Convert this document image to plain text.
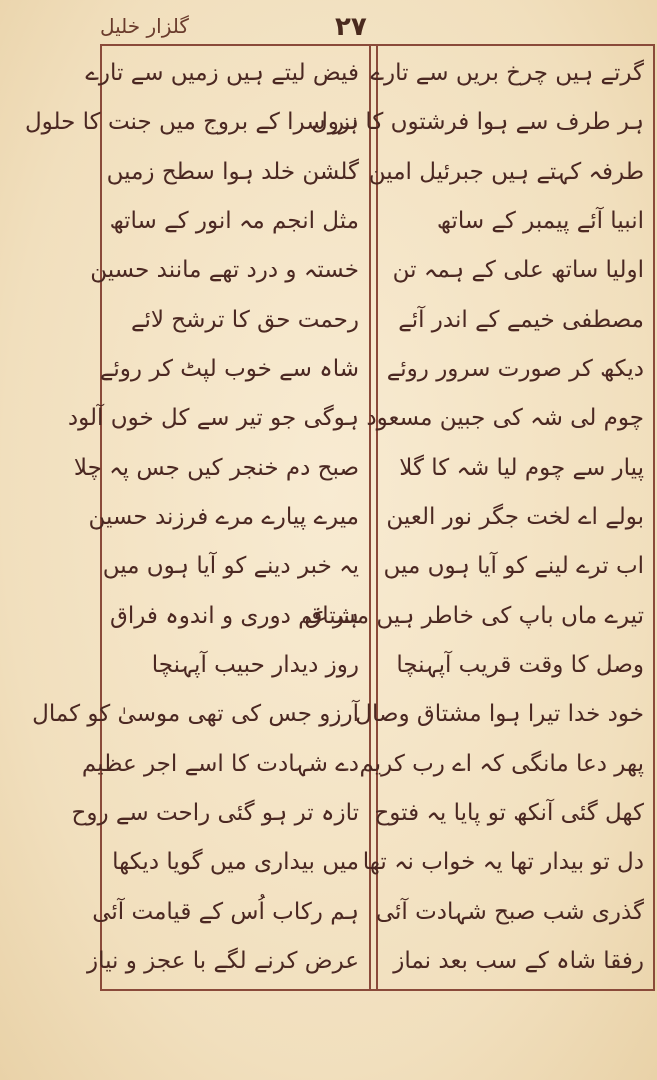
گلزار خلیل	۲۷
گرتے ہیں چرخ بریں سے تارے
ہر طرف سے ہوا فرشتوں کا نزول
طرفہ کہتے ہیں جبرئیل امین
انبیا آئے پیمبر کے ساتھ
اولیا ساتھ علی کے ہمہ تن
مصطفی خیمے کے اندر آئے
دیکھ کر صورت سرور روئے
چوم لی شہ کی جبین مسعود
پیار سے چوم لیا شہ کا گلا
بولے اے لخت جگر نور العین
اب ترے لینے کو آیا ہوں میں
تیرے ماں باپ کی خاطر ہیں مشتاق
وصل کا وقت قریب آپہنچا
خود خدا تیرا ہوا مشتاق وصال
پھر دعا مانگی کہ اے رب کریم
کھل گئی آنکھ تو پایا یہ فتوح
دل تو بیدار تھا یہ خواب نہ تھا
گذری شب صبح شہادت آئی
رفقا شاہ کے سب بعد نماز
فیض لیتے ہیں زمیں سے تارے
ہر سرا کے بروج میں جنت کا حلول
گلشن خلد ہوا سطح زمیں
مثل انجم مہ انور کے ساتھ
خستہ و درد تھے مانند حسین
رحمت حق کا ترشح لائے
شاہ سے خوب لپٹ کر روئے
ہوگی جو تیر سے کل خوں آلود
صبح دم خنجر کیں جس پہ چلا
میرے پیارے مرے فرزند حسین
یہ خبر دینے کو آیا ہوں میں
ہر غم دوری و اندوہ فراق
روز دیدار حبیب آپہنچا
آرزو جس کی تھی موسیٰ کو کمال
دے شہادت کا اسے اجر عظیم
تازہ تر ہو گئی راحت سے روح
میں بیداری میں گویا دیکھا
ہم رکاب اُس کے قیامت آئی
عرض کرنے لگے با عجز و نیاز
